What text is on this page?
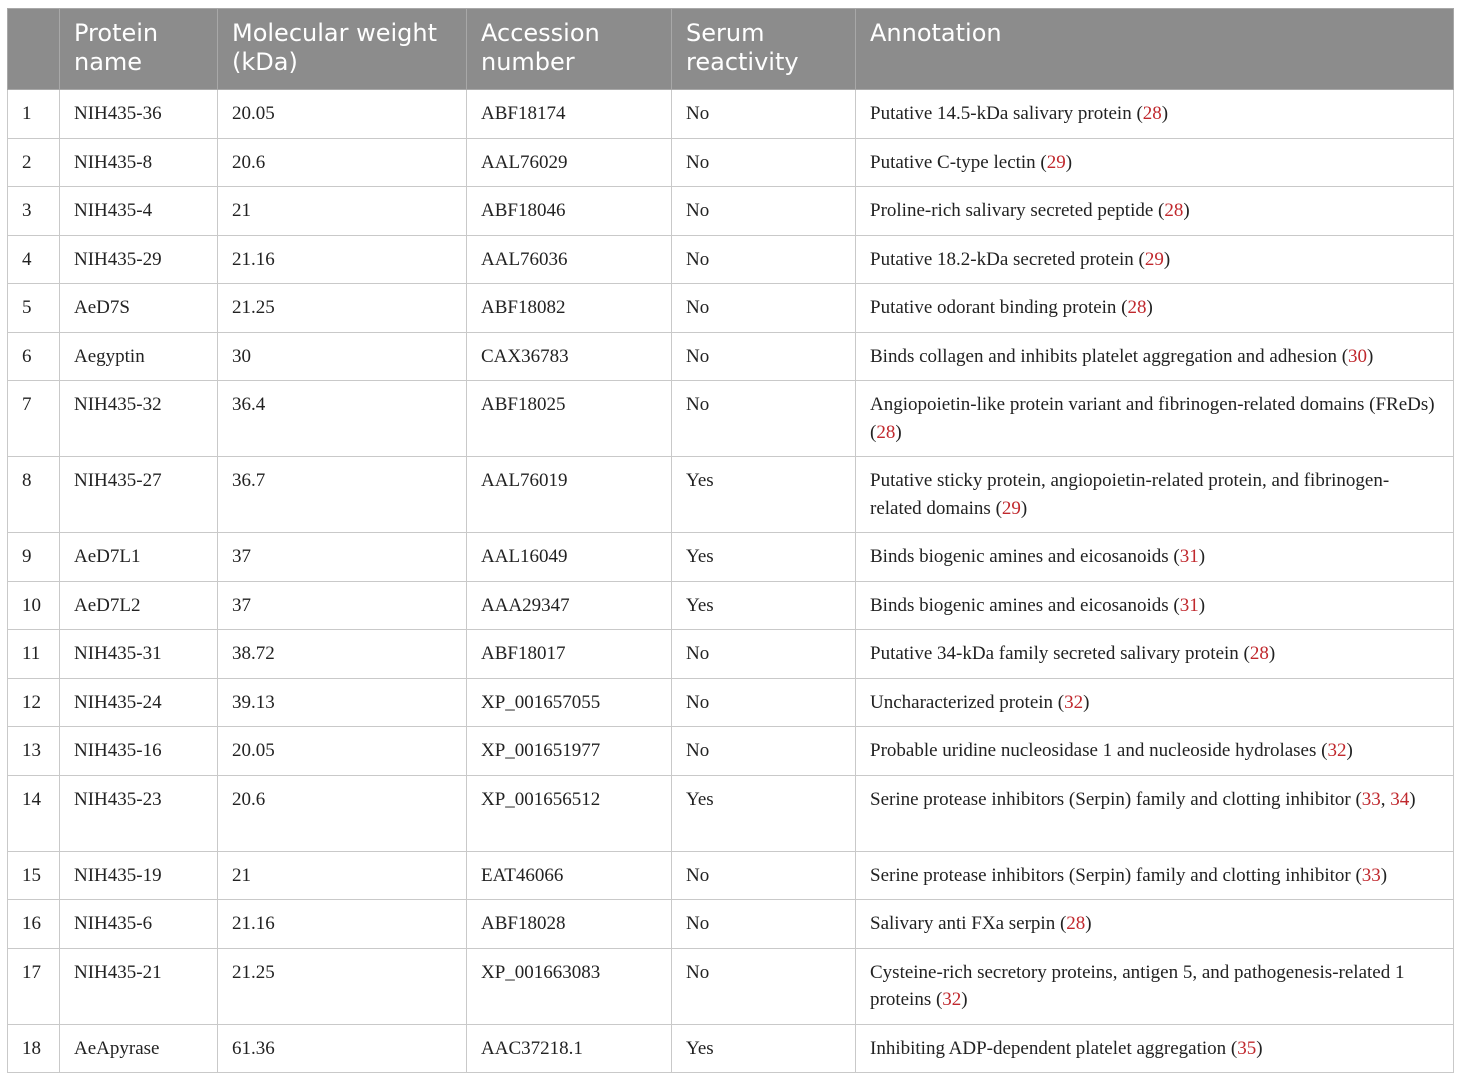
	Protein name	Molecular weight (kDa)	Accession number	Serum reactivity	Annotation
1	NIH435-36	20.05	ABF18174	No	Putative 14.5-kDa salivary protein (28)
2	NIH435-8	20.6	AAL76029	No	Putative C-type lectin (29)
3	NIH435-4	21	ABF18046	No	Proline-rich salivary secreted peptide (28)
4	NIH435-29	21.16	AAL76036	No	Putative 18.2-kDa secreted protein (29)
5	AeD7S	21.25	ABF18082	No	Putative odorant binding protein (28)
6	Aegyptin	30	CAX36783	No	Binds collagen and inhibits platelet aggregation and adhesion (30)
7	NIH435-32	36.4	ABF18025	No	Angiopoietin-like protein variant and fibrinogen-related domains (FReDs) (28)
8	NIH435-27	36.7	AAL76019	Yes	Putative sticky protein, angiopoietin-related protein, and fibrinogen-related domains (29)
9	AeD7L1	37	AAL16049	Yes	Binds biogenic amines and eicosanoids (31)
10	AeD7L2	37	AAA29347	Yes	Binds biogenic amines and eicosanoids (31)
11	NIH435-31	38.72	ABF18017	No	Putative 34-kDa family secreted salivary protein (28)
12	NIH435-24	39.13	XP_001657055	No	Uncharacterized protein (32)
13	NIH435-16	20.05	XP_001651977	No	Probable uridine nucleosidase 1 and nucleoside hydrolases (32)
14	NIH435-23	20.6	XP_001656512	Yes	Serine protease inhibitors (Serpin) family and clotting inhibitor (33, 34)
15	NIH435-19	21	EAT46066	No	Serine protease inhibitors (Serpin) family and clotting inhibitor (33)
16	NIH435-6	21.16	ABF18028	No	Salivary anti FXa serpin (28)
17	NIH435-21	21.25	XP_001663083	No	Cysteine-rich secretory proteins, antigen 5, and pathogenesis-related 1 proteins (32)
18	AeApyrase	61.36	AAC37218.1	Yes	Inhibiting ADP-dependent platelet aggregation (35)
